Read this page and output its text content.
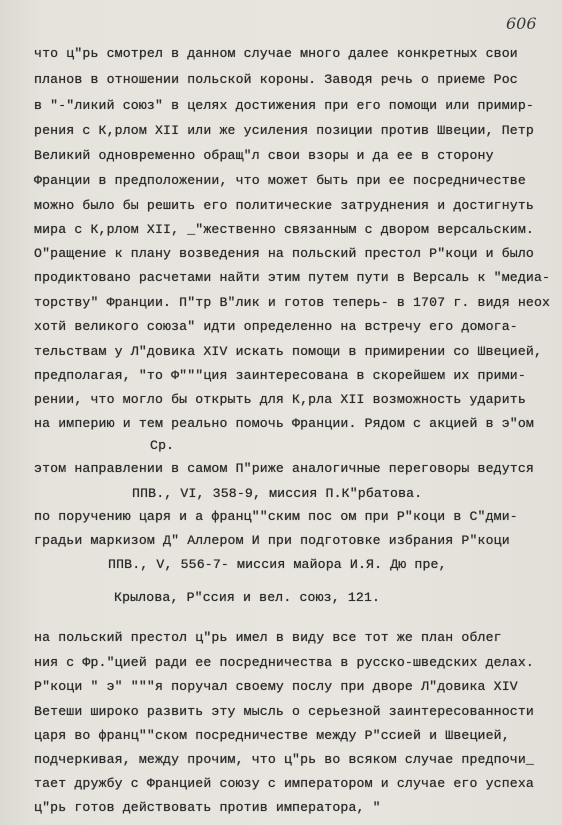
606
что ц"рь смотрел в данном случае много далее конкретных свои
планов в отношении польской короны. Заводя речь о приеме Рос
в "-"ликий союз" в целях достижения при его помощи или примир-
рения с К,рлом XII или же усиления позиции против Швеции, Петр
Великий одновременно обращ"л свои взоры и да ее в сторону
Франции в предположении, что может быть при ее посредничестве
можно было бы решить его политические затруднения и достигнуть
мира с К,рлом XII, _"жественно связанным с двором версальским.
О"ращение к плану возведения на польский престол Р"коци и было
продиктовано расчетами найти этим путем пути в Версаль к "медиа-
торству" Франции. П"тр В"лик и готов теперь- в 1707 г. видя неох
хотй великого союза" идти определенно на встречу его домога-
тельствам у Л"довика XIV искать помощи в примирении со Швецией,
предполагая, "то Ф"""ция заинтересована в скорейшем их прими-
рении, что могло бы открыть для К,рла XII возможность ударить
на империю и тем реально помочь Франции. Рядом с акцией в э"ом
Ср.
этом направлении в самом П"риже аналогичные переговоры ведутся
ППВ., VI, 358-9, миссия П.К"рбатова.
по поручению царя и а франц""ским пос ом при Р"коци в С"дми-
градьи маркизом Д" Аллером И при подготовке избрания Р"коци
ППВ., V, 556-7- миссия майора И.Я. Дю пре,
Крылова, Р"ссия и вел. союз, 121.
на польский престол ц"рь имел в виду все тот же план облег
ния с Фр."цией ради ее посредничества в русско-шведских делах.
Р"коци " э" """я поручал своему послу при дворе Л"довика XIV
Ветеши широко развить эту мысль о серьезной заинтересованности
царя во франц""ском посредничестве между Р"ссией и Швецией,
подчеркивая, между прочим, что ц"рь во всяком случае предпочи_
тает дружбу с Францией союзу с императором и случае его успеха
ц"рь готов действовать против императора, "
